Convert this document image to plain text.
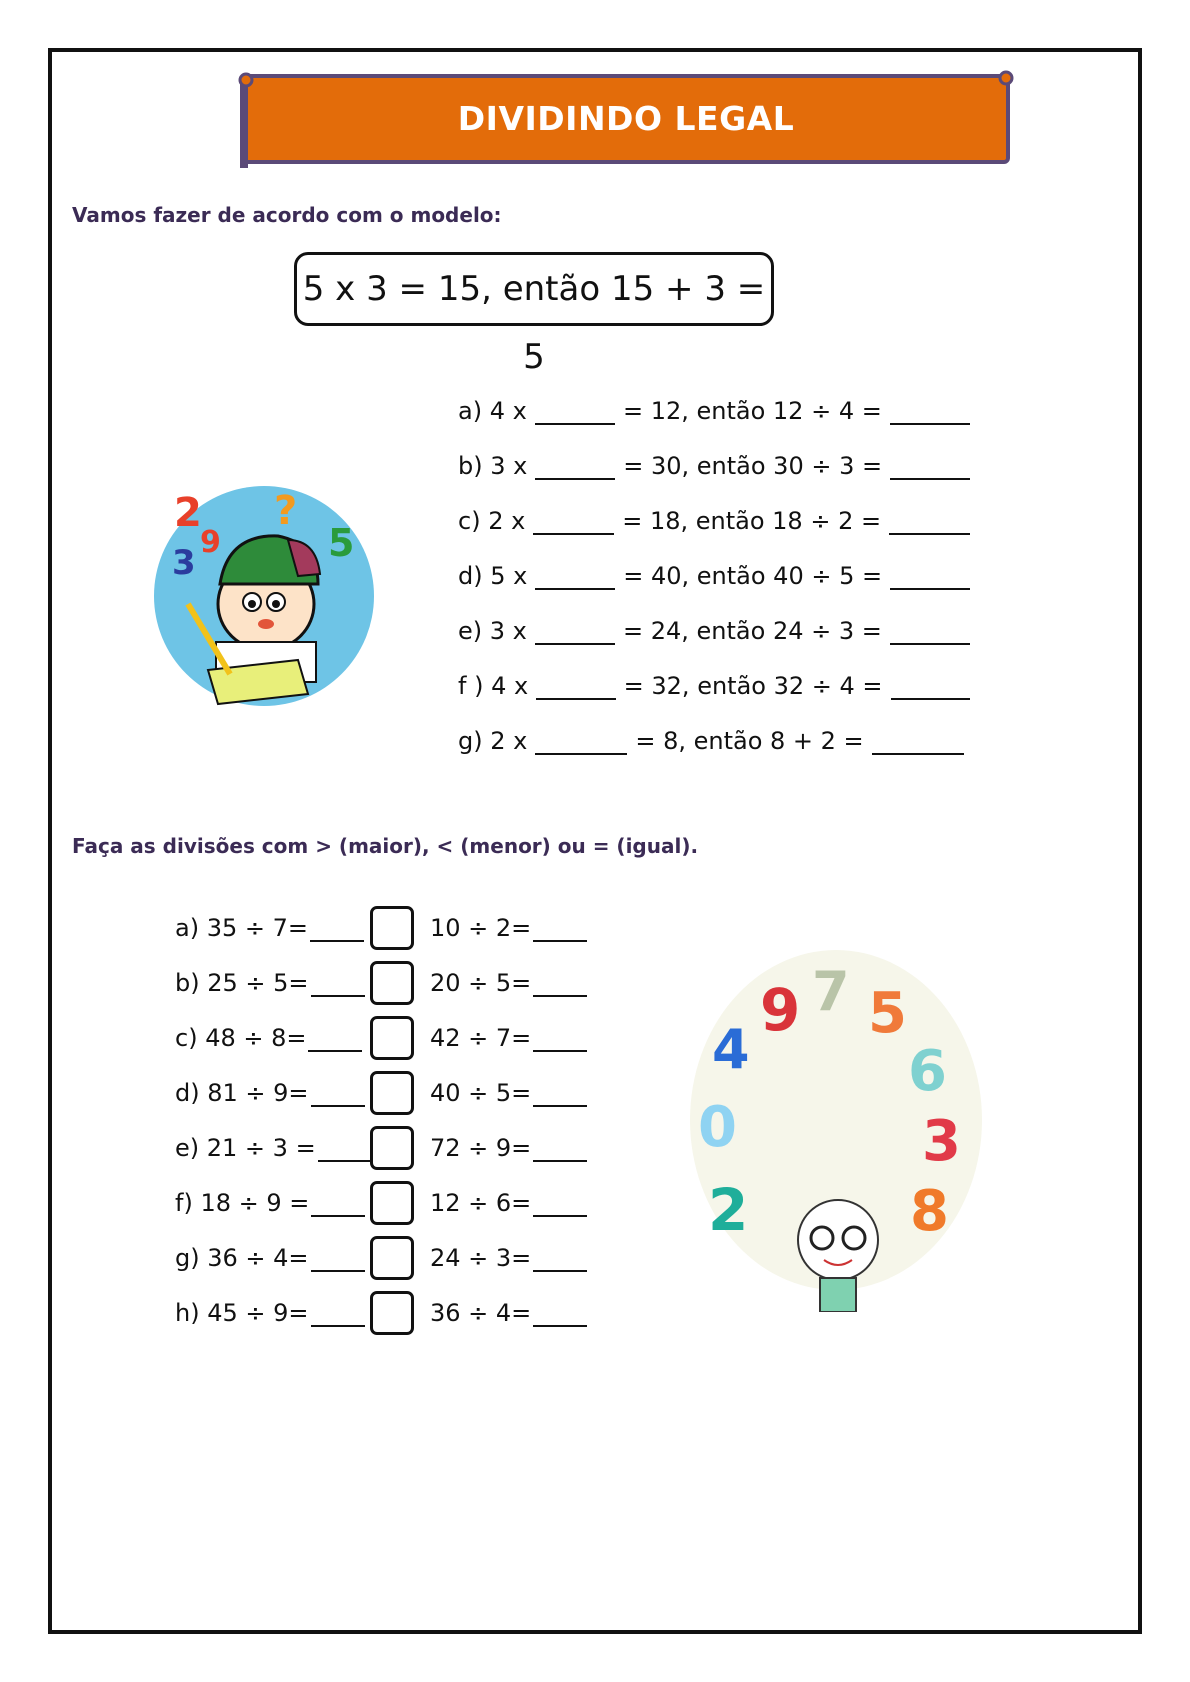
DIVIDINDO LEGAL
Vamos fazer de acordo com o modelo:
5 x 3 = 15, então 15 + 3 = 5
2
9
3	5
?
a) 4 x	= 12, então 12 ÷ 4 =
b) 3 x	= 30, então 30 ÷ 3 =
c) 2 x	= 18, então 18 ÷ 2 =
d) 5 x	= 40, então 40 ÷ 5 =
e) 3 x	= 24, então 24 ÷ 3 =
f ) 4 x	= 32, então 32 ÷ 4 =
g) 2 x	= 8, então 8 + 2 =
Faça as divisões com > (maior), < (menor) ou = (igual).
a) 35 ÷ 7=	10 ÷ 2=
b) 25 ÷ 5=	20 ÷ 5=
c) 48 ÷ 8=	42 ÷ 7=
d) 81 ÷ 9=	40 ÷ 5=
e) 21 ÷ 3 =	72 ÷ 9=
f) 18 ÷ 9 =	12 ÷ 6=
g) 36 ÷ 4=	24 ÷ 3=
h) 45 ÷ 9=	36 ÷ 4=
9 7 5
4	6
0	3
2	8
